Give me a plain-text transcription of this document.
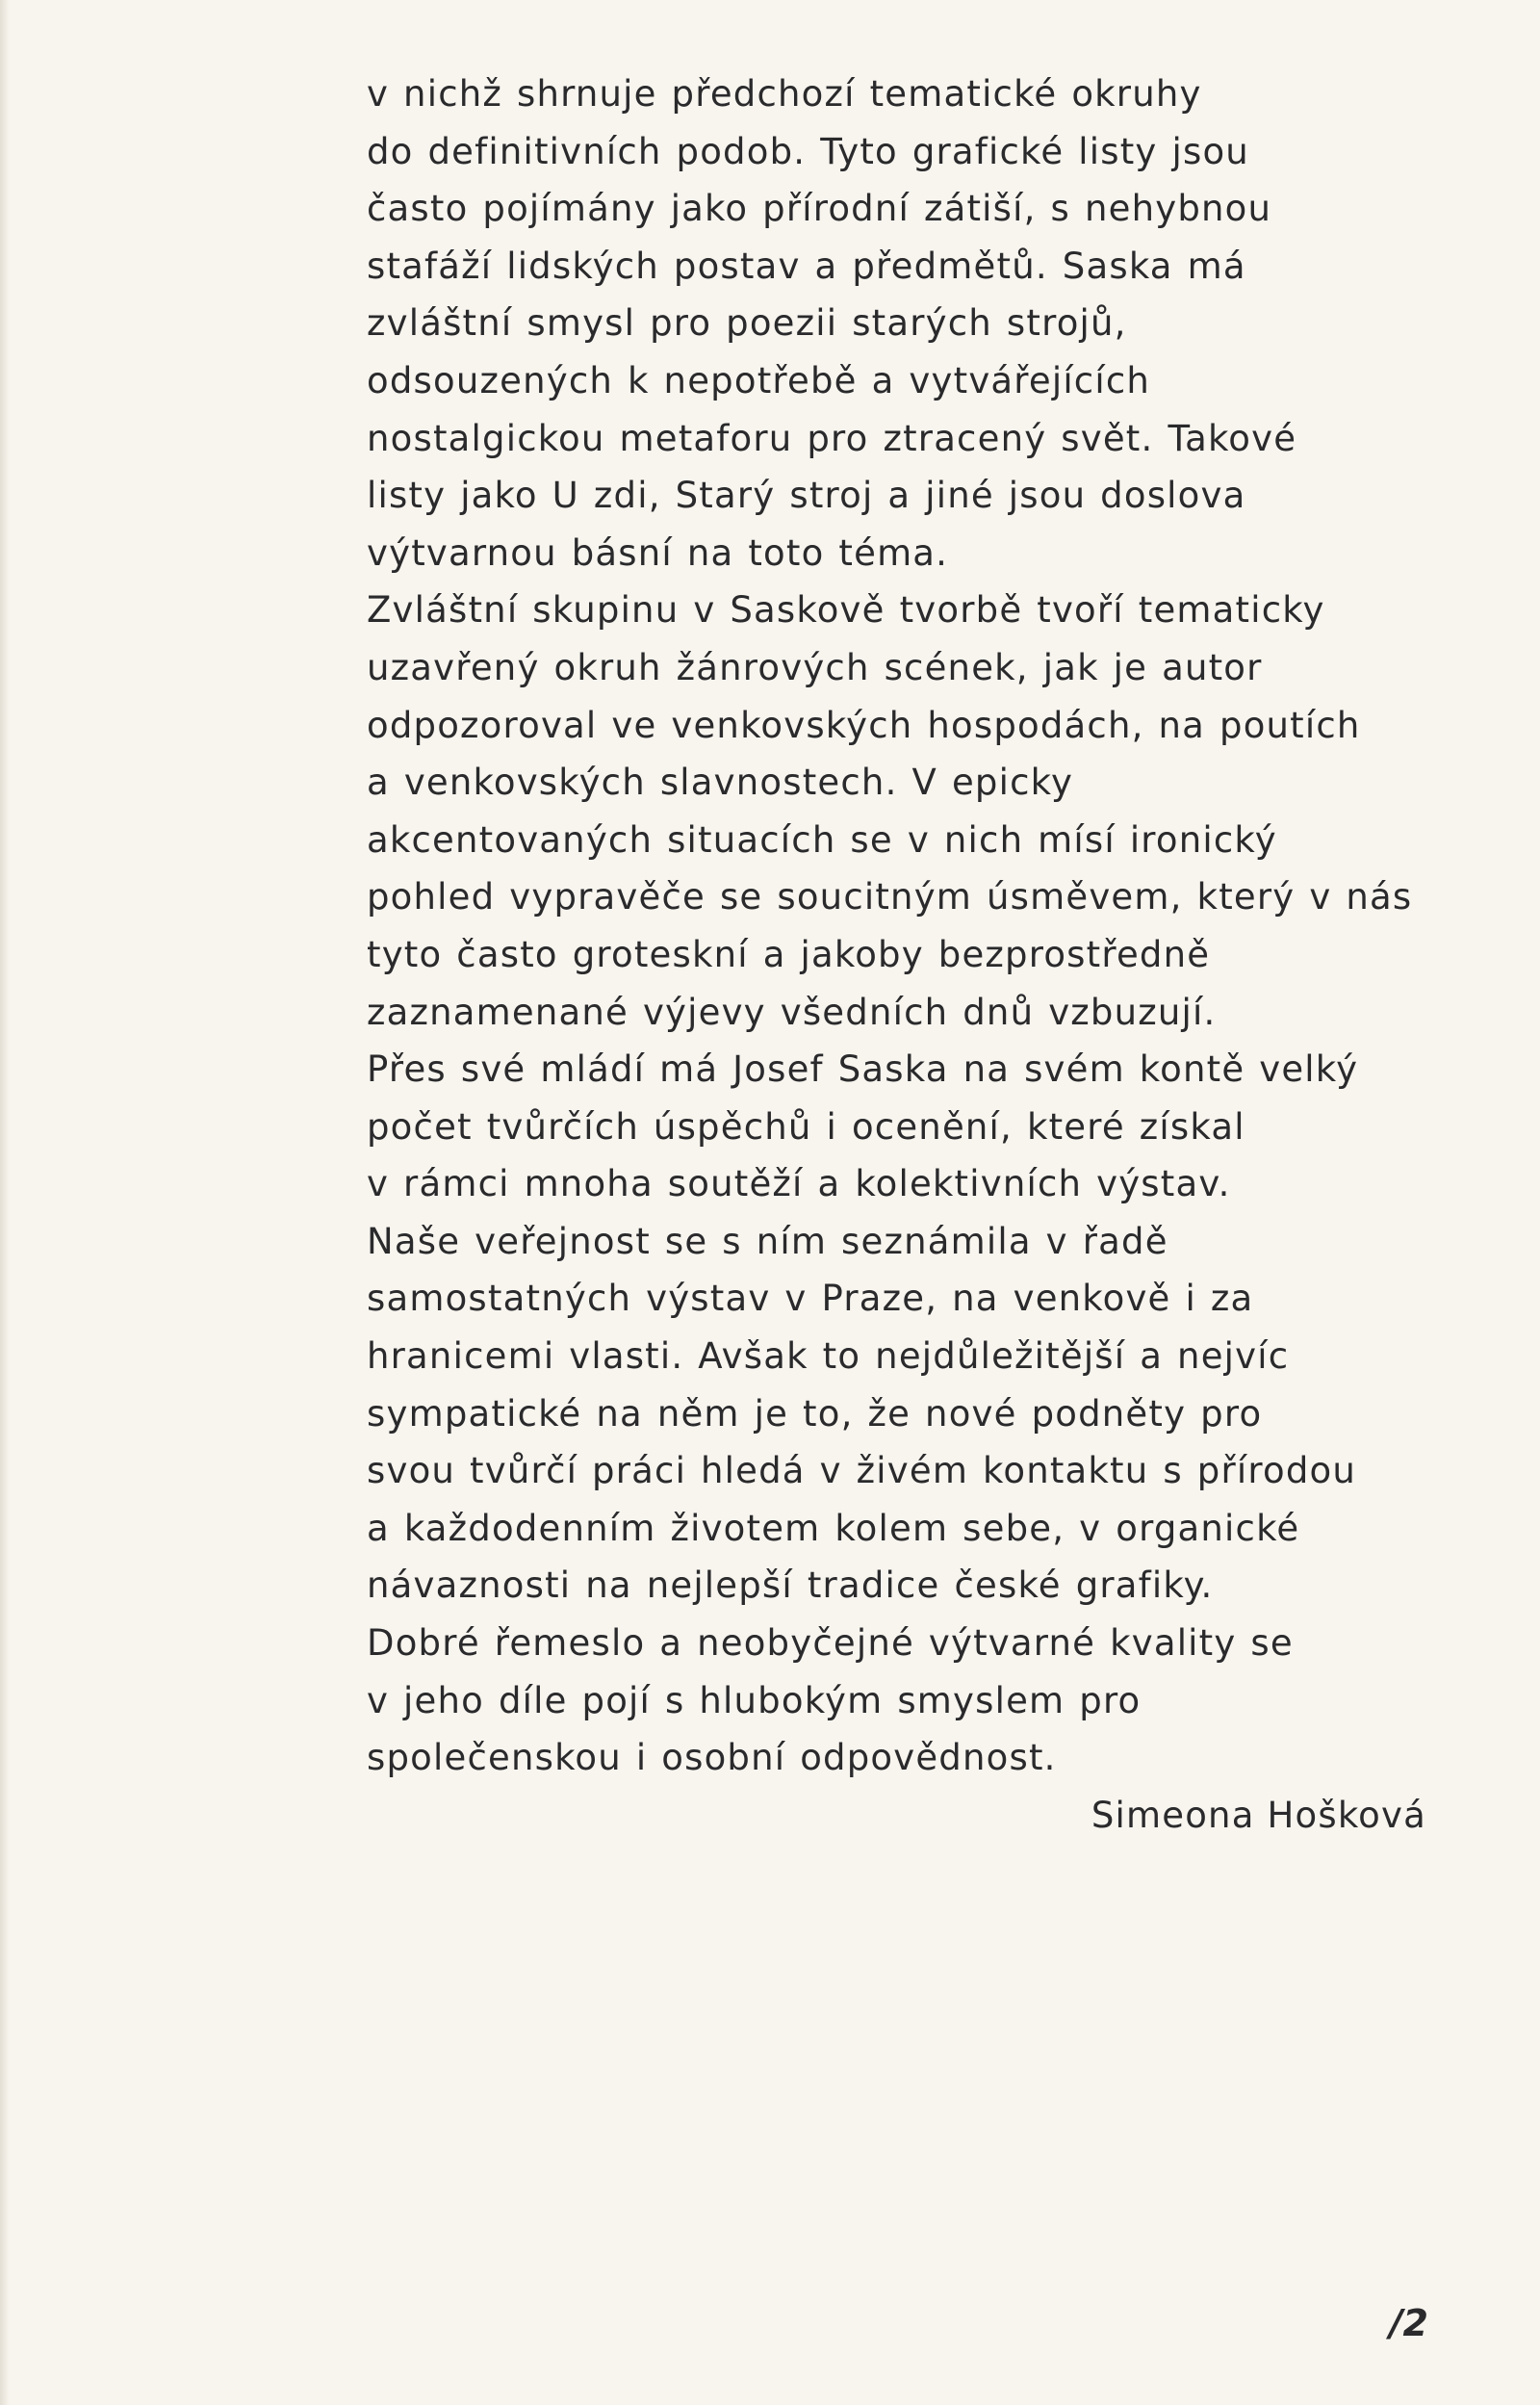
v nichž shrnuje předchozí tematické okruhy
do definitivních podob. Tyto grafické listy jsou
často pojímány jako přírodní zátiší, s nehybnou
stafáží lidských postav a předmětů. Saska má
zvláštní smysl pro poezii starých strojů,
odsouzených k nepotřebě a vytvářejících
nostalgickou metaforu pro ztracený svět. Takové
listy jako U zdi, Starý stroj a jiné jsou doslova
výtvarnou básní na toto téma.
Zvláštní skupinu v Saskově tvorbě tvoří tematicky
uzavřený okruh žánrových scének, jak je autor
odpozoroval ve venkovských hospodách, na poutích
a venkovských slavnostech. V epicky
akcentovaných situacích se v nich mísí ironický
pohled vypravěče se soucitným úsměvem, který v nás
tyto často groteskní a jakoby bezprostředně
zaznamenané výjevy všedních dnů vzbuzují.
Přes své mládí má Josef Saska na svém kontě velký
počet tvůrčích úspěchů i ocenění, které získal
v rámci mnoha soutěží a kolektivních výstav.
Naše veřejnost se s ním seznámila v řadě
samostatných výstav v Praze, na venkově i za
hranicemi vlasti. Avšak to nejdůležitější a nejvíc
sympatické na něm je to, že nové podněty pro
svou tvůrčí práci hledá v živém kontaktu s přírodou
a každodenním životem kolem sebe, v organické
návaznosti na nejlepší tradice české grafiky.
Dobré řemeslo a neobyčejné výtvarné kvality se
v jeho díle pojí s hlubokým smyslem pro
společenskou i osobní odpovědnost.
Simeona Hošková
/2
